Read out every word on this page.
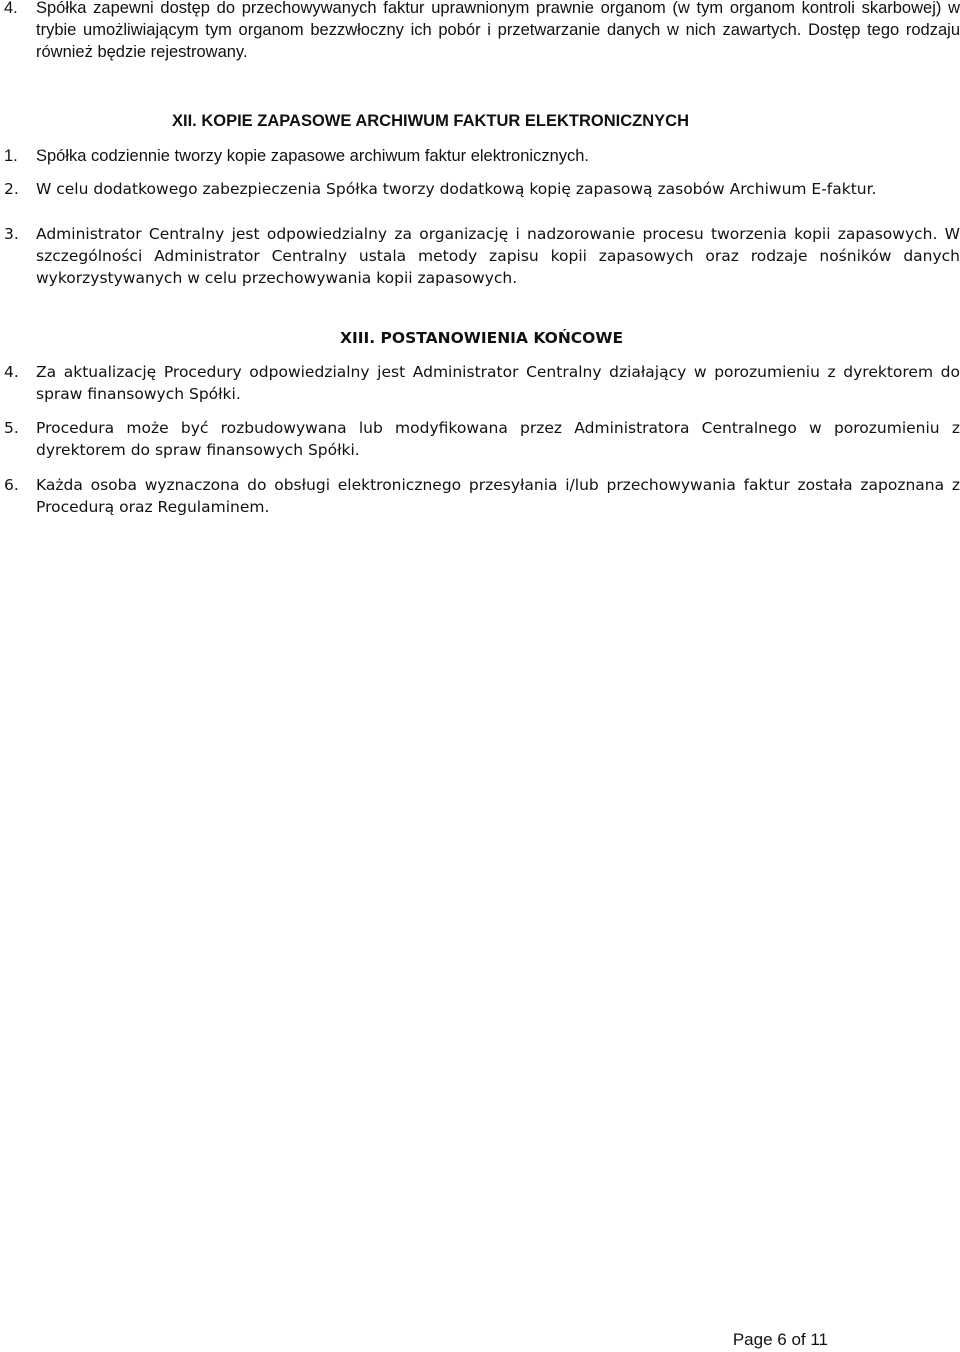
4. Spółka zapewni dostęp do przechowywanych faktur uprawnionym prawnie organom (w tym organom kontroli skarbowej) w trybie umożliwiającym tym organom bezzwłoczny ich pobór i przetwarzanie danych w nich zawartych. Dostęp tego rodzaju również będzie rejestrowany.
XII. KOPIE ZAPASOWE ARCHIWUM FAKTUR ELEKTRONICZNYCH
1. Spółka codziennie tworzy kopie zapasowe archiwum faktur elektronicznych.
2. W celu dodatkowego zabezpieczenia Spółka tworzy dodatkową kopię zapasową zasobów Archiwum E-faktur.
3.	Administrator Centralny jest odpowiedzialny za organizację i nadzorowanie procesu tworzenia kopii zapasowych. W szczególności Administrator Centralny ustala metody zapisu kopii zapasowych oraz rodzaje nośników danych wykorzystywanych w celu przechowywania kopii zapasowych.
XIII. POSTANOWIENIA KOŃCOWE
4. Za aktualizację Procedury odpowiedzialny jest Administrator Centralny działający w porozumieniu z dyrektorem do spraw finansowych Spółki.
5. Procedura może być rozbudowywana lub modyfikowana przez Administratora Centralnego w porozumieniu z dyrektorem do spraw finansowych Spółki.
6. Każda osoba wyznaczona do obsługi elektronicznego przesyłania i/lub przechowywania faktur została zapoznana z Procedurą oraz Regulaminem.
Page 6 of 11
